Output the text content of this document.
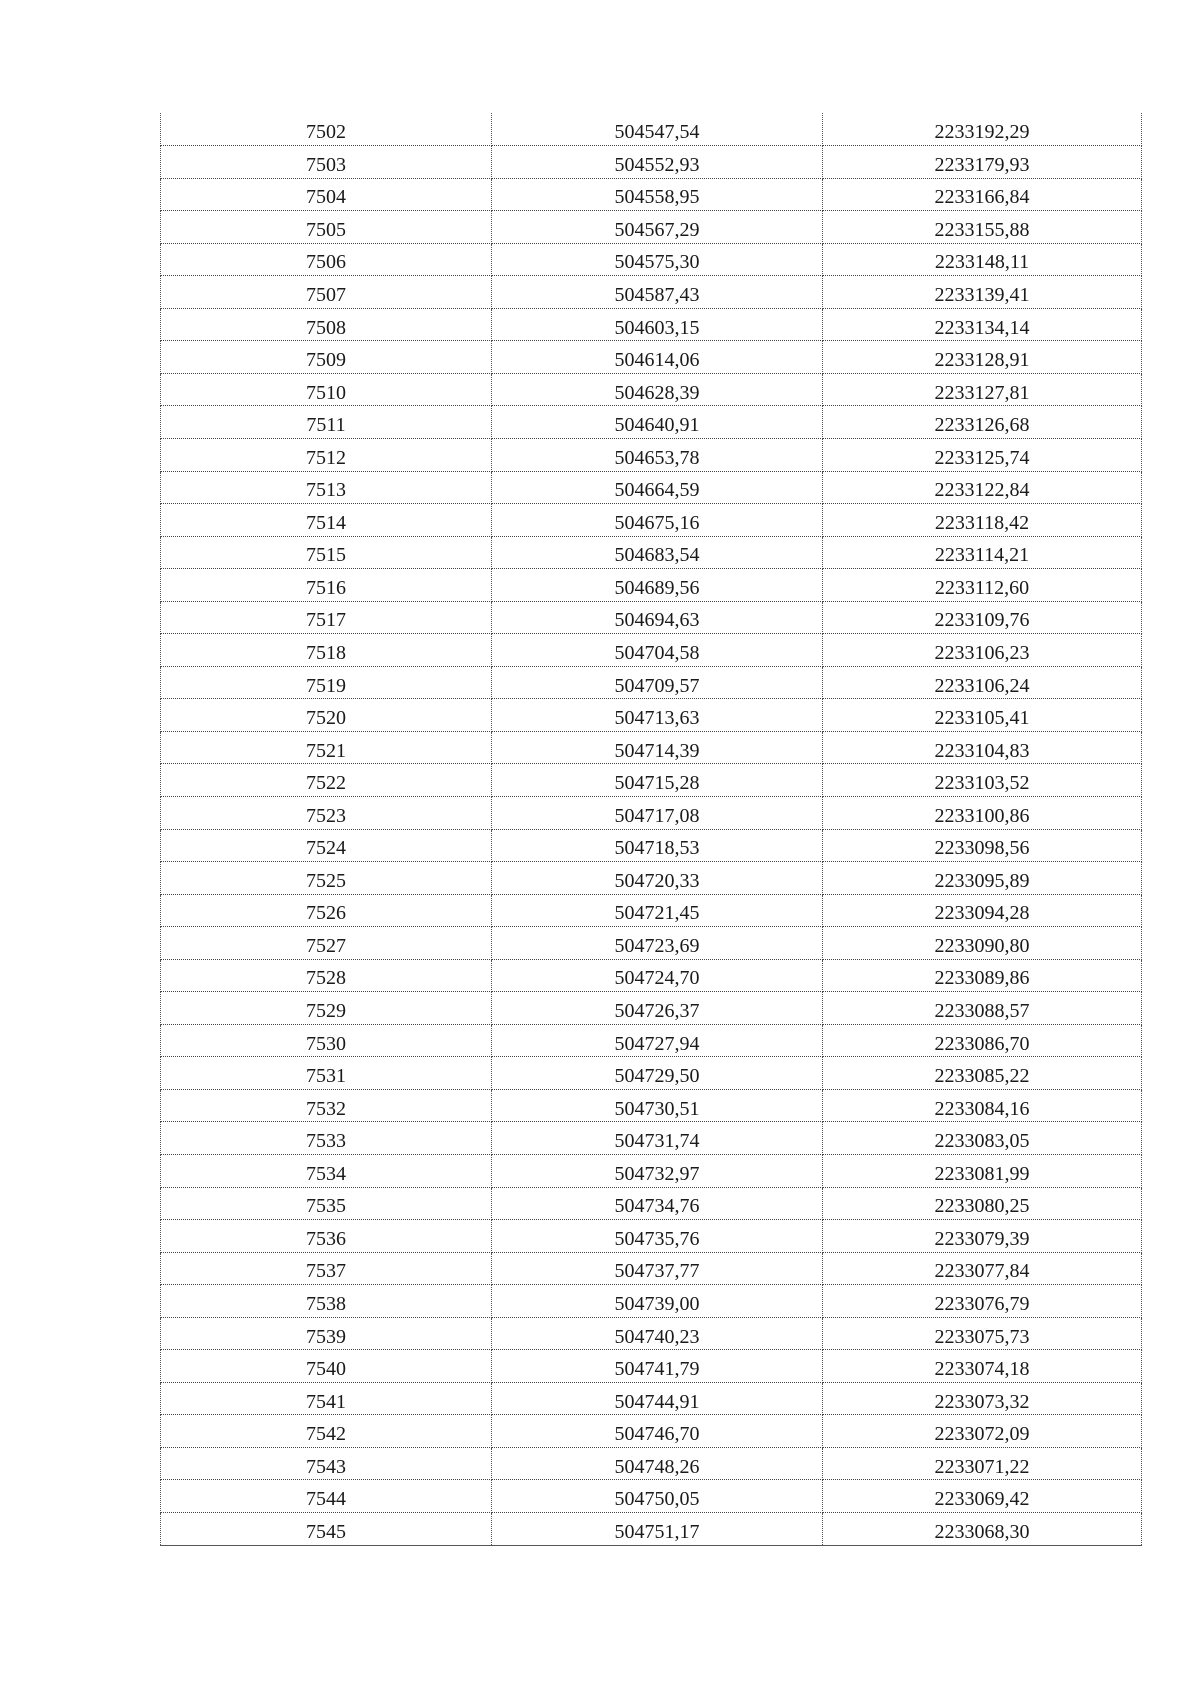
7502	504547,54	2233192,29
7503	504552,93	2233179,93
7504	504558,95	2233166,84
7505	504567,29	2233155,88
7506	504575,30	2233148,11
7507	504587,43	2233139,41
7508	504603,15	2233134,14
7509	504614,06	2233128,91
7510	504628,39	2233127,81
7511	504640,91	2233126,68
7512	504653,78	2233125,74
7513	504664,59	2233122,84
7514	504675,16	2233118,42
7515	504683,54	2233114,21
7516	504689,56	2233112,60
7517	504694,63	2233109,76
7518	504704,58	2233106,23
7519	504709,57	2233106,24
7520	504713,63	2233105,41
7521	504714,39	2233104,83
7522	504715,28	2233103,52
7523	504717,08	2233100,86
7524	504718,53	2233098,56
7525	504720,33	2233095,89
7526	504721,45	2233094,28
7527	504723,69	2233090,80
7528	504724,70	2233089,86
7529	504726,37	2233088,57
7530	504727,94	2233086,70
7531	504729,50	2233085,22
7532	504730,51	2233084,16
7533	504731,74	2233083,05
7534	504732,97	2233081,99
7535	504734,76	2233080,25
7536	504735,76	2233079,39
7537	504737,77	2233077,84
7538	504739,00	2233076,79
7539	504740,23	2233075,73
7540	504741,79	2233074,18
7541	504744,91	2233073,32
7542	504746,70	2233072,09
7543	504748,26	2233071,22
7544	504750,05	2233069,42
7545	504751,17	2233068,30
